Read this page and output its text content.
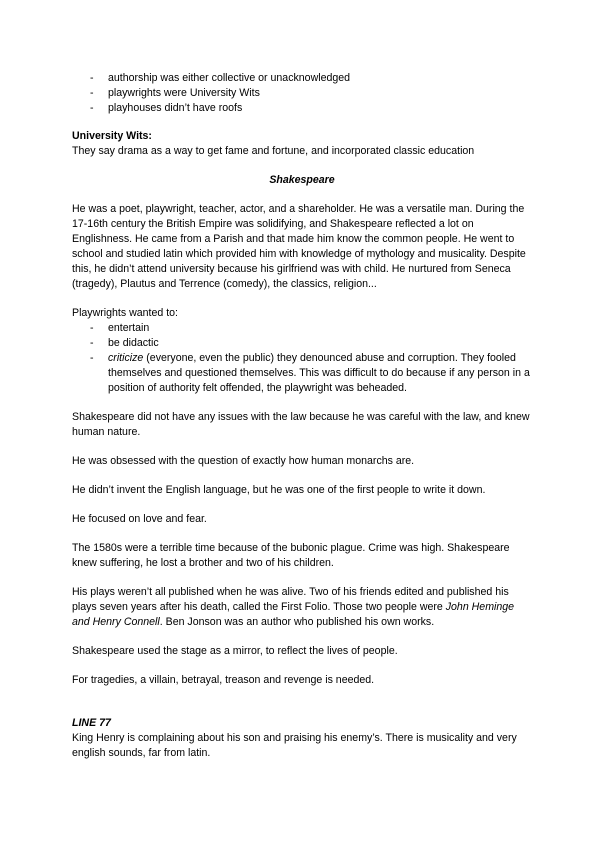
- authorship was either collective or unacknowledged
- playwrights were University Wits
- playhouses didn’t have roofs

University Wits:

They say drama as a way to get fame and fortune, and incorporated classic education

Shakespeare

He was a poet, playwright, teacher, actor, and a shareholder. He was a versatile man. During the 17-16th century the British Empire was solidifying, and Shakespeare reflected a lot on Englishness. He came from a Parish and that made him know the common people. He went to school and studied latin which provided him with knowledge of mythology and musicality. Despite this, he didn’t attend university because his girlfriend was with child. He nurtured from Seneca (tragedy), Plautus and Terrence (comedy), the classics, religion...

Playwrights wanted to:

- entertain
- be didactic
- criticize (everyone, even the public) they denounced abuse and corruption. They fooled themselves and questioned themselves. This was difficult to do because if any person in a position of authority felt offended, the playwright was beheaded.

Shakespeare did not have any issues with the law because he was careful with the law, and knew human nature.

He was obsessed with the question of exactly how human monarchs are.

He didn’t invent the English language, but he was one of the first people to write it down.

He focused on love and fear.

The 1580s were a terrible time because of the bubonic plague. Crime was high. Shakespeare knew suffering, he lost a brother and two of his children.

His plays weren’t all published when he was alive. Two of his friends edited and published his plays seven years after his death, called the First Folio. Those two people were John Heminge and Henry Connell. Ben Jonson was an author who published his own works.

Shakespeare used the stage as a mirror, to reflect the lives of people.

For tragedies, a villain, betrayal, treason and revenge is needed.

LINE 77

King Henry is complaining about his son and praising his enemy’s. There is musicality and very english sounds, far from latin.
